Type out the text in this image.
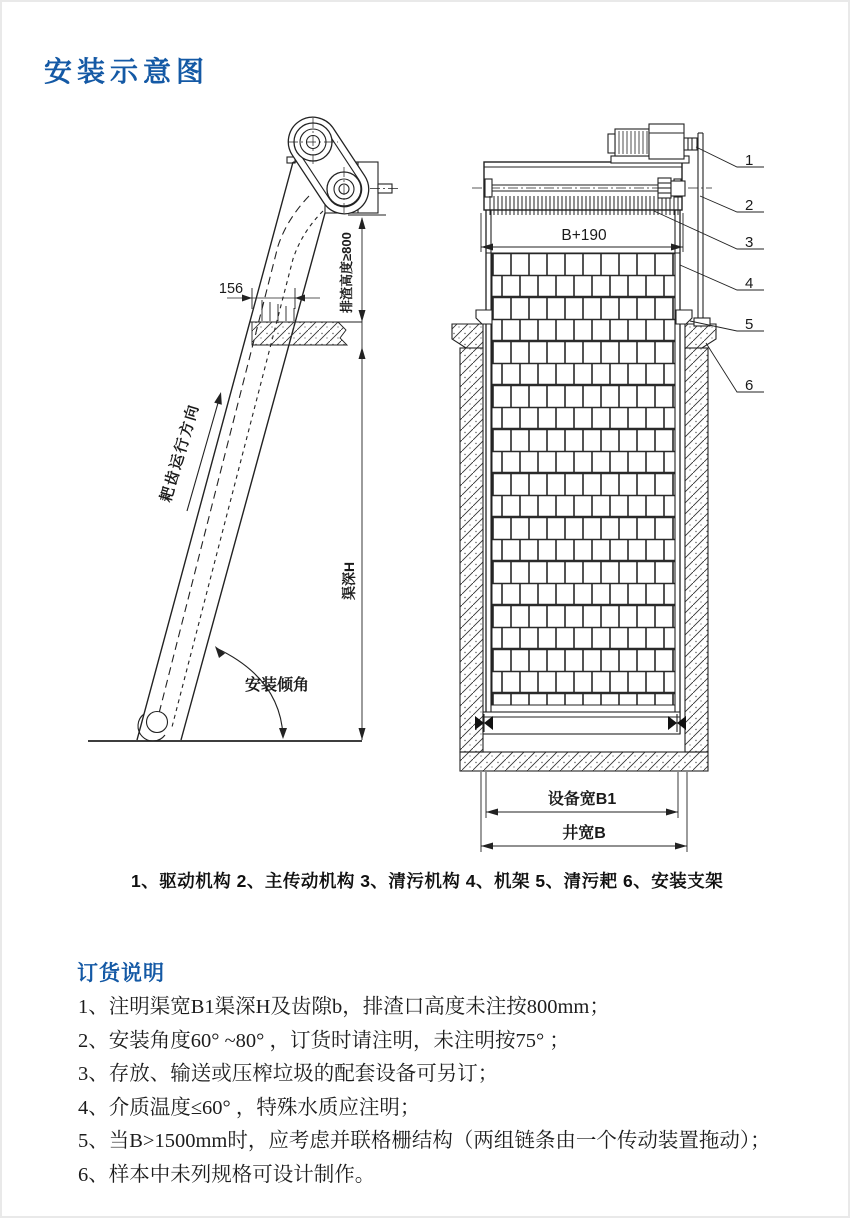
安装示意图
156	排渣高度≥800
渠深H
安装倾角
耙齿运行方向
B+190
设备宽B1
井宽B
1
2
3
4
5
6
1、驱动机构 2、主传动机构 3、清污机构 4、机架 5、清污耙 6、安装支架
订货说明
1、注明渠宽B1渠深H及齿隙b，排渣口高度未注按800mm；
2、安装角度60° ~80° ，订货时请注明，未注明按75° ；
3、存放、输送或压榨垃圾的配套设备可另订；
4、介质温度≤60° ，特殊水质应注明；
5、当B>1500mm时，应考虑并联格栅结构（两组链条由一个传动装置拖动）；
6、样本中未列规格可设计制作。
